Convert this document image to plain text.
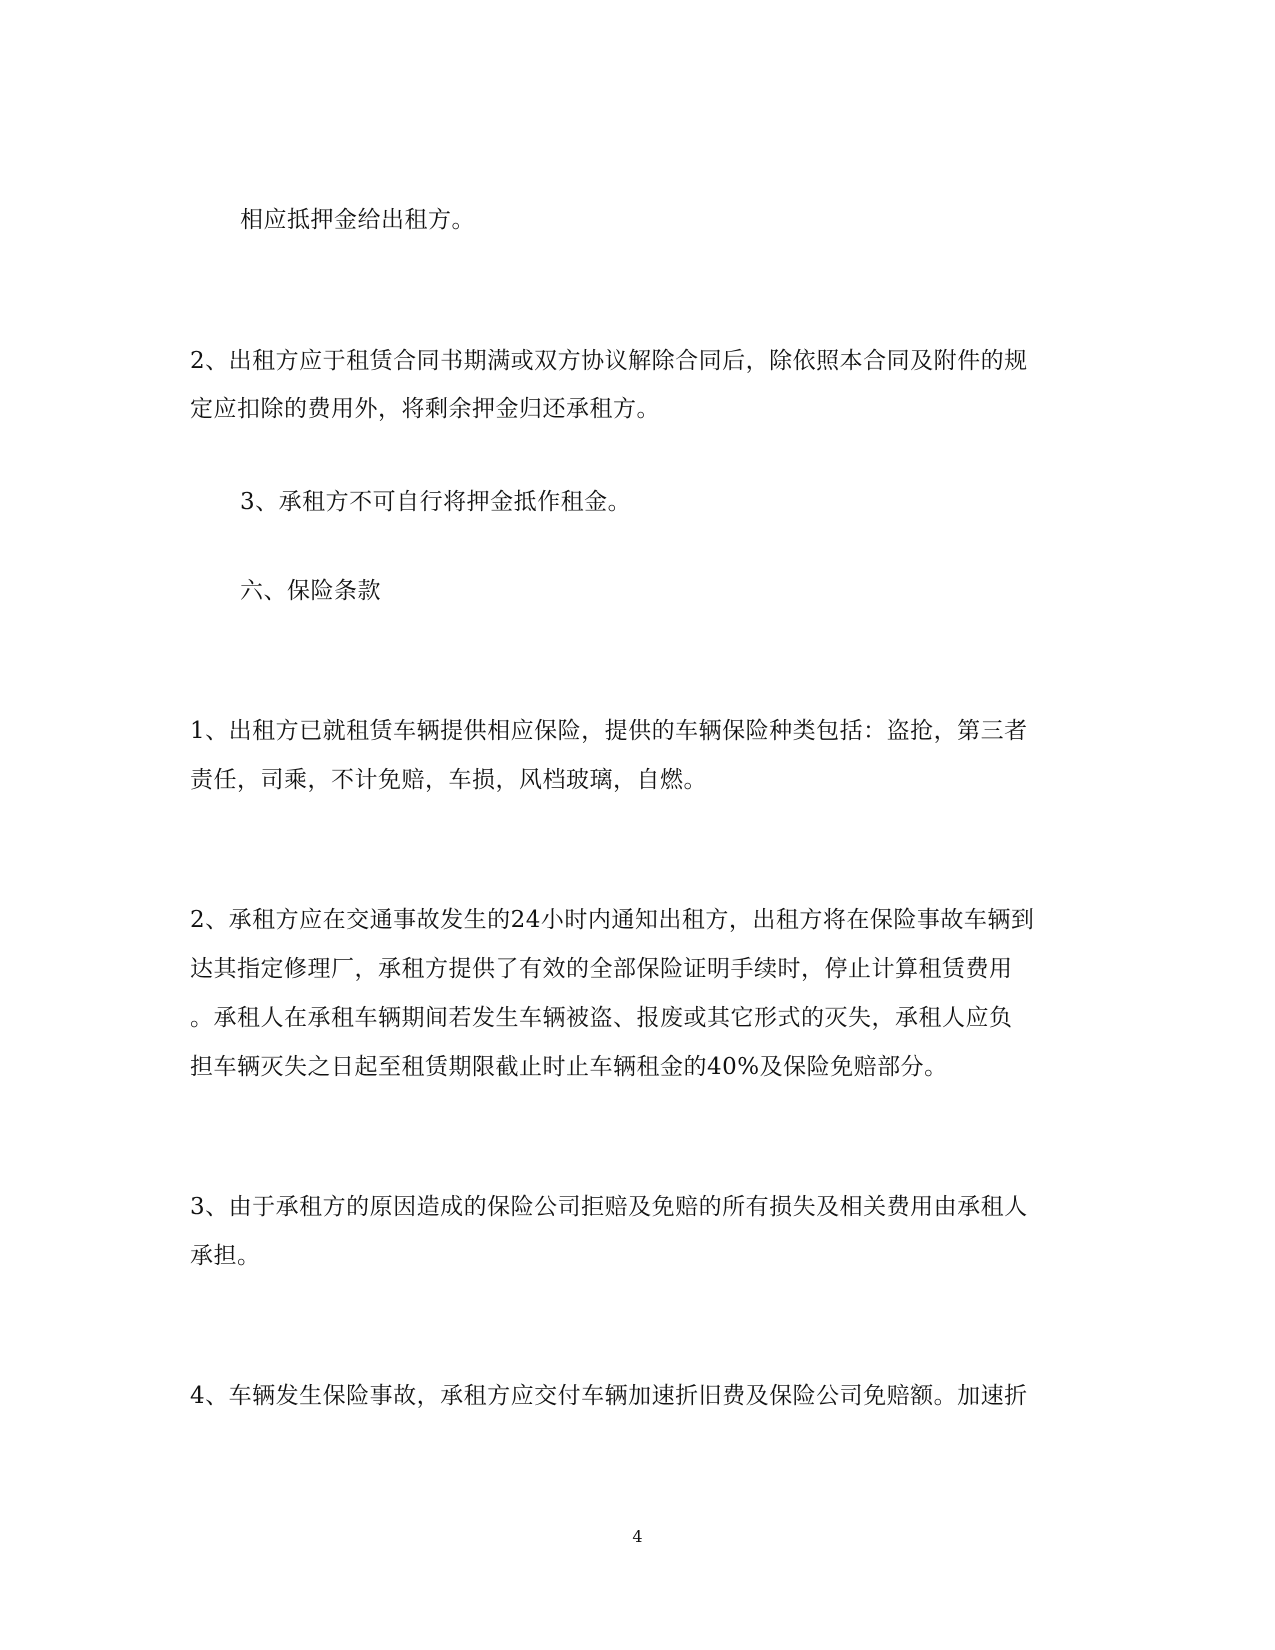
相应抵押金给出租方。
2、出租方应于租赁合同书期满或双方协议解除合同后，除依照本合同及附件的规
定应扣除的费用外，将剩余押金归还承租方。
3、承租方不可自行将押金抵作租金。
六、保险条款
1、出租方已就租赁车辆提供相应保险，提供的车辆保险种类包括：盗抢，第三者
责任，司乘，不计免赔，车损，风档玻璃，自燃。
2、承租方应在交通事故发生的24小时内通知出租方，出租方将在保险事故车辆到
达其指定修理厂，承租方提供了有效的全部保险证明手续时，停止计算租赁费用
。承租人在承租车辆期间若发生车辆被盗、报废或其它形式的灭失，承租人应负
担车辆灭失之日起至租赁期限截止时止车辆租金的40%及保险免赔部分。
3、由于承租方的原因造成的保险公司拒赔及免赔的所有损失及相关费用由承租人
承担。
4、车辆发生保险事故，承租方应交付车辆加速折旧费及保险公司免赔额。加速折
4
